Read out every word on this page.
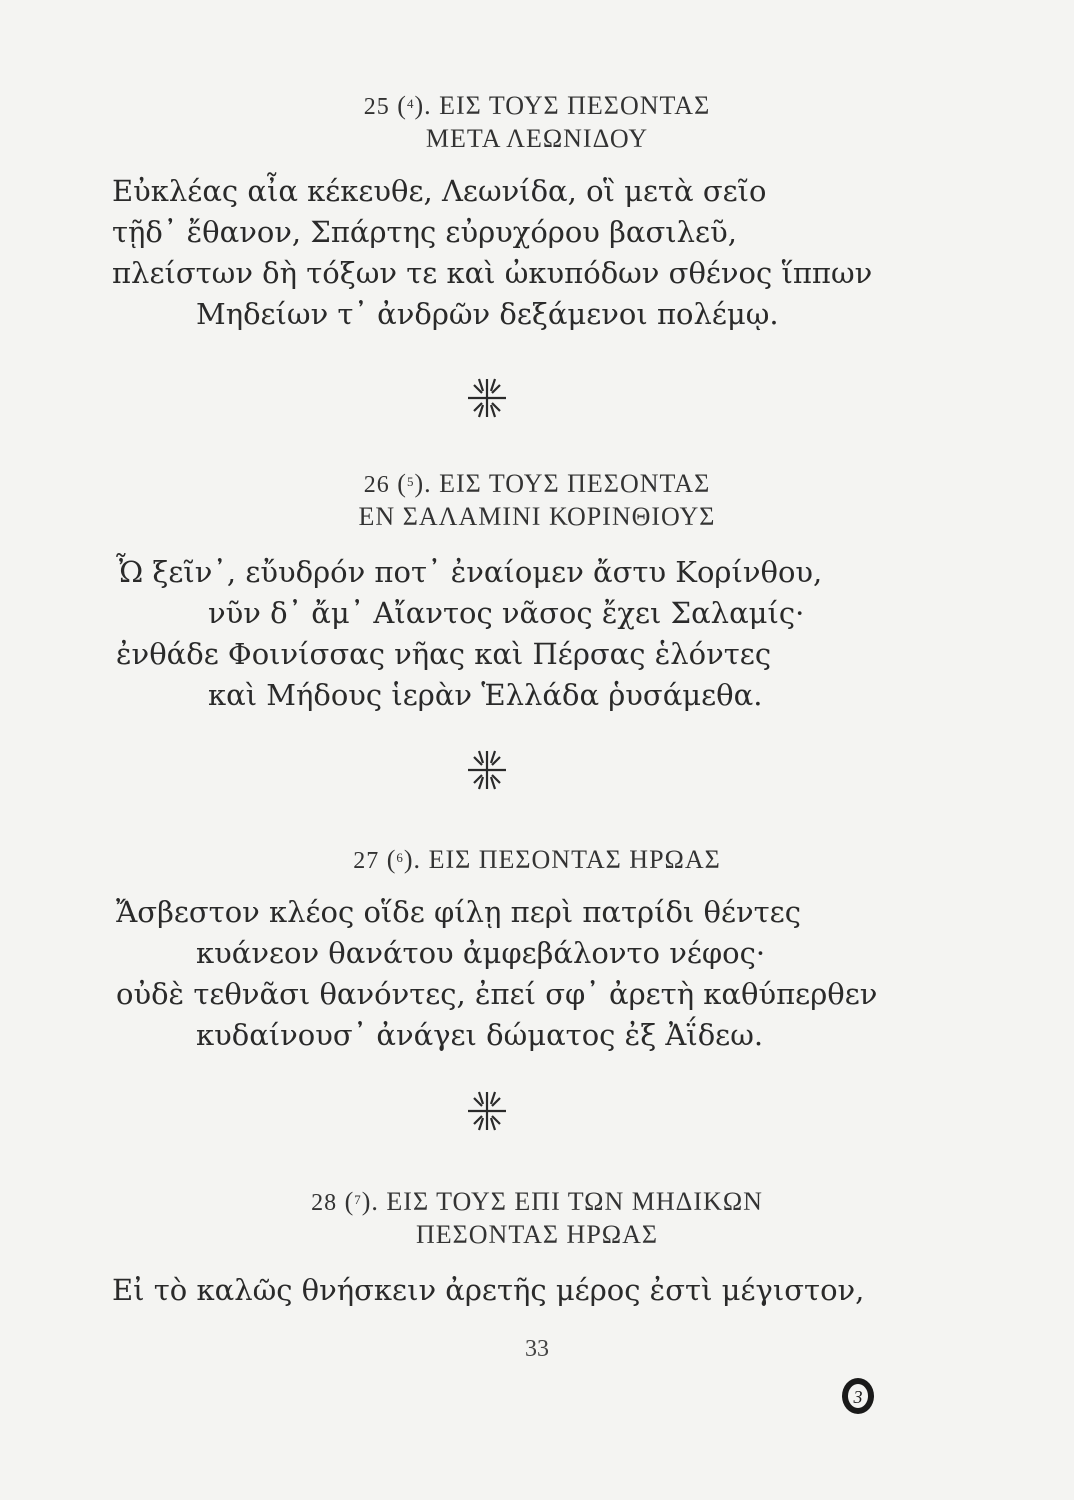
25 ($^4$). ΕΙΣ ΤΟΥΣ ΠΕΣΟΝΤΑΣ
ΜΕΤΑ ΛΕΩΝΙΔΟΥ
Εὐκλέας αἶα κέκευθε, Λεωνίδα, οἳ μετὰ σεῖο
τῇδ᾽ ἔθανον, Σπάρτης εὐρυχόρου βασιλεῦ,
πλείστων δὴ τόξων τε καὶ ὠκυπόδων σθένος ἵππων
Μηδείων τ᾽ ἀνδρῶν δεξάμενοι πολέμῳ.
26 ($^5$). ΕΙΣ ΤΟΥΣ ΠΕΣΟΝΤΑΣ
ΕΝ ΣΑΛΑΜΙΝΙ ΚΟΡΙΝΘΙΟΥΣ
Ὦ ξεῖν᾽, εὔυδρόν ποτ᾽ ἐναίομεν ἄστυ Κορίνθου,
νῦν δ᾽ ἄμ᾽ Αἴαντος νᾶσος ἔχει Σαλαμίς·
ἐνθάδε Φοινίσσας νῆας καὶ Πέρσας ἑλόντες
καὶ Μήδους ἱερὰν Ἑλλάδα ῥυσάμεθα.
27 ($^6$). ΕΙΣ ΠΕΣΟΝΤΑΣ ΗΡΩΑΣ
Ἄσβεστον κλέος οἵδε φίλῃ περὶ πατρίδι θέντες
κυάνεον θανάτου ἀμφεβάλοντο νέφος·
οὐδὲ τεθνᾶσι θανόντες, ἐπεί σφ᾽ ἀρετὴ καθύπερθεν
κυδαίνουσ᾽ ἀνάγει δώματος ἐξ Ἀΐδεω.
28 ($^7$). ΕΙΣ ΤΟΥΣ ΕΠΙ ΤΩΝ ΜΗΔΙΚΩΝ
ΠΕΣΟΝΤΑΣ ΗΡΩΑΣ
Εἰ τὸ καλῶς θνήσκειν ἀρετῆς μέρος ἐστὶ μέγιστον,
33
3
